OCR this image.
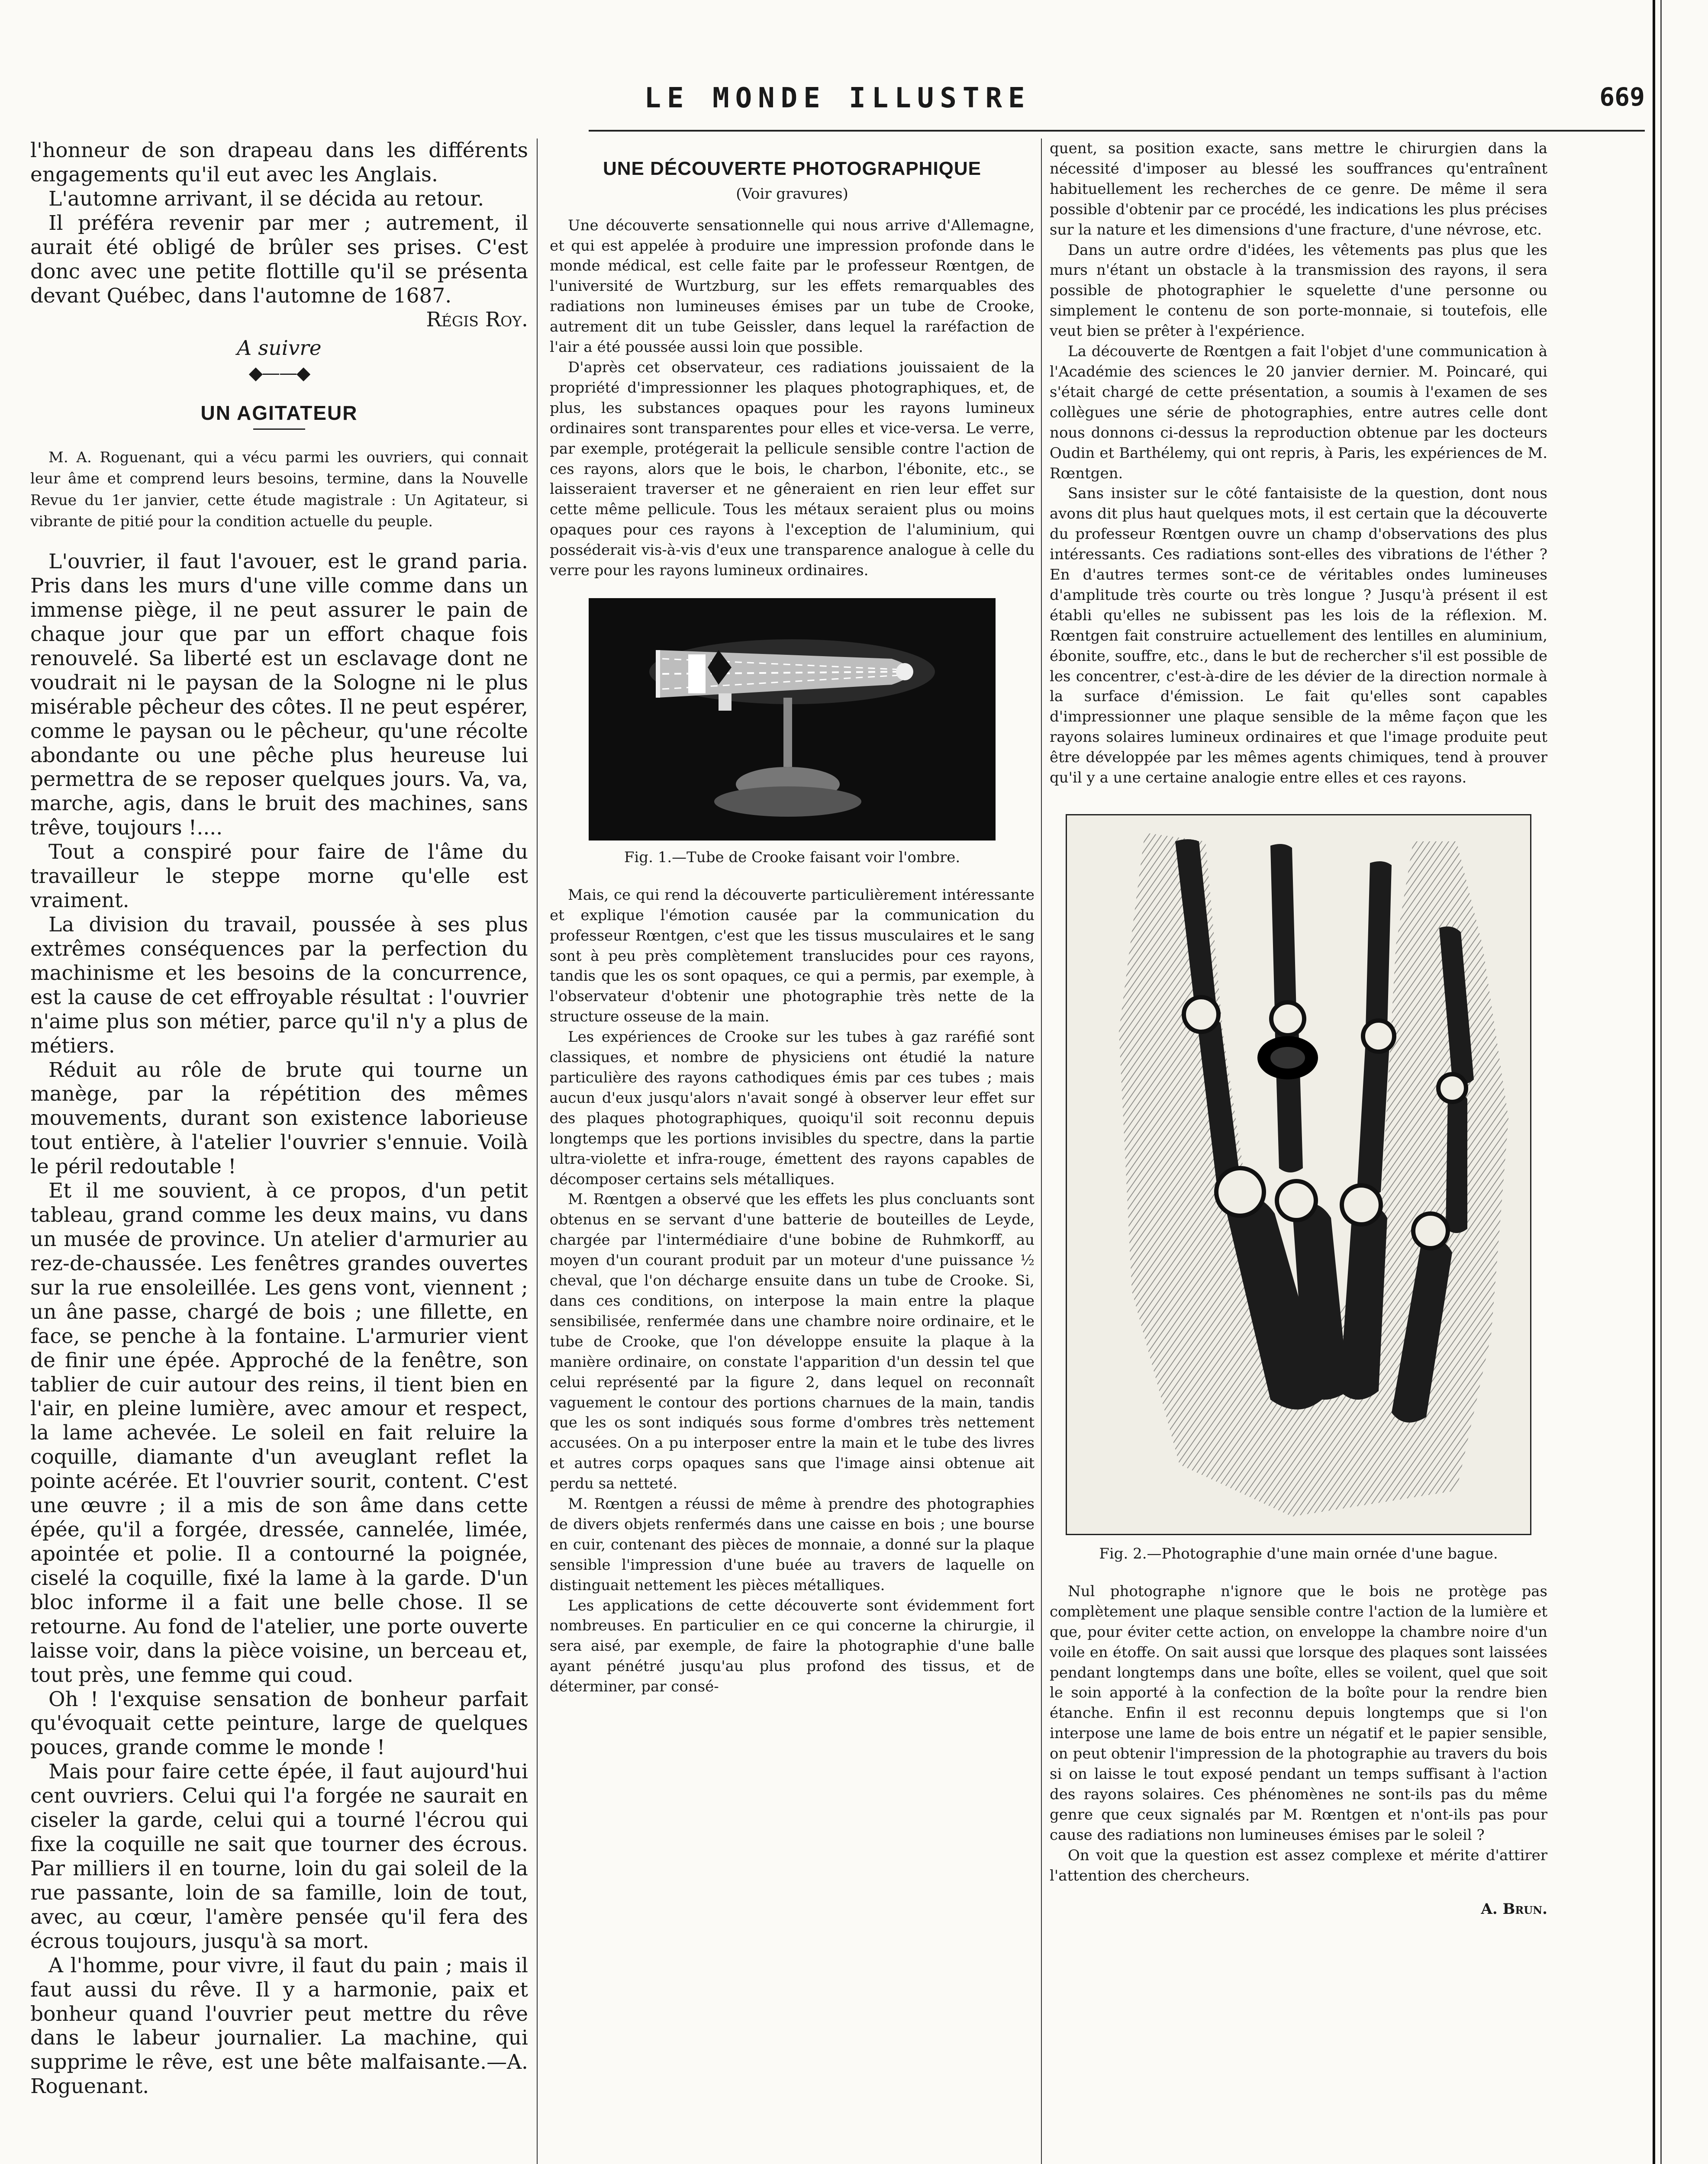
LE MONDE ILLUSTRE	669

l'honneur de son drapeau dans les différents engagements qu'il eut avec les Anglais.

L'automne arrivant, il se décida au retour.

Il préféra revenir par mer ; autrement, il aurait été obligé de brûler ses prises. C'est donc avec une petite flottille qu'il se présenta devant Québec, dans l'automne de 1687.

Régis Roy.

A suivre

◆——◆
UN AGITATEUR

M. A. Roguenant, qui a vécu parmi les ouvriers, qui connait leur âme et comprend leurs besoins, termine, dans la Nouvelle Revue du 1er janvier, cette étude magistrale : Un Agitateur, si vibrante de pitié pour la condition actuelle du peuple.

L'ouvrier, il faut l'avouer, est le grand paria. Pris dans les murs d'une ville comme dans un immense piège, il ne peut assurer le pain de chaque jour que par un effort chaque fois renouvelé. Sa liberté est un esclavage dont ne voudrait ni le paysan de la Sologne ni le plus misérable pêcheur des côtes. Il ne peut espérer, comme le paysan ou le pêcheur, qu'une récolte abondante ou une pêche plus heureuse lui permettra de se reposer quelques jours. Va, va, marche, agis, dans le bruit des machines, sans trêve, toujours !....

Tout a conspiré pour faire de l'âme du travailleur le steppe morne qu'elle est vraiment.

La division du travail, poussée à ses plus extrêmes conséquences par la perfection du machinisme et les besoins de la concurrence, est la cause de cet effroyable résultat : l'ouvrier n'aime plus son métier, parce qu'il n'y a plus de métiers.

Réduit au rôle de brute qui tourne un manège, par la répétition des mêmes mouvements, durant son existence laborieuse tout entière, à l'atelier l'ouvrier s'ennuie. Voilà le péril redoutable !

Et il me souvient, à ce propos, d'un petit tableau, grand comme les deux mains, vu dans un musée de province. Un atelier d'armurier au rez-de-chaussée. Les fenêtres grandes ouvertes sur la rue ensoleillée. Les gens vont, viennent ; un âne passe, chargé de bois ; une fillette, en face, se penche à la fontaine. L'armurier vient de finir une épée. Approché de la fenêtre, son tablier de cuir autour des reins, il tient bien en l'air, en pleine lumière, avec amour et respect, la lame achevée. Le soleil en fait reluire la coquille, diamante d'un aveuglant reflet la pointe acérée. Et l'ouvrier sourit, content. C'est une œuvre ; il a mis de son âme dans cette épée, qu'il a forgée, dressée, cannelée, limée, apointée et polie. Il a contourné la poignée, ciselé la coquille, fixé la lame à la garde. D'un bloc informe il a fait une belle chose. Il se retourne. Au fond de l'atelier, une porte ouverte laisse voir, dans la pièce voisine, un berceau et, tout près, une femme qui coud.

Oh ! l'exquise sensation de bonheur parfait qu'évoquait cette peinture, large de quelques pouces, grande comme le monde !

Mais pour faire cette épée, il faut aujourd'hui cent ouvriers. Celui qui l'a forgée ne saurait en ciseler la garde, celui qui a tourné l'écrou qui fixe la coquille ne sait que tourner des écrous. Par milliers il en tourne, loin du gai soleil de la rue passante, loin de sa famille, loin de tout, avec, au cœur, l'amère pensée qu'il fera des écrous toujours, jusqu'à sa mort.

A l'homme, pour vivre, il faut du pain ; mais il faut aussi du rêve. Il y a harmonie, paix et bonheur quand l'ouvrier peut mettre du rêve dans le labeur journalier. La machine, qui supprime le rêve, est une bête malfaisante.—A. Roguenant.

UNE DÉCOUVERTE PHOTOGRAPHIQUE
(Voir gravures)

Une découverte sensationnelle qui nous arrive d'Allemagne, et qui est appelée à produire une impression profonde dans le monde médical, est celle faite par le professeur Rœntgen, de l'université de Wurtzburg, sur les effets remarquables des radiations non lumineuses émises par un tube de Crooke, autrement dit un tube Geissler, dans lequel la raréfaction de l'air a été poussée aussi loin que possible.

D'après cet observateur, ces radiations jouissaient de la propriété d'impressionner les plaques photographiques, et, de plus, les substances opaques pour les rayons lumineux ordinaires sont transparentes pour elles et vice-versa. Le verre, par exemple, protégerait la pellicule sensible contre l'action de ces rayons, alors que le bois, le charbon, l'ébonite, etc., se laisseraient traverser et ne gêneraient en rien leur effet sur cette même pellicule. Tous les métaux seraient plus ou moins opaques pour ces rayons à l'exception de l'aluminium, qui posséderait vis-à-vis d'eux une transparence analogue à celle du verre pour les rayons lumineux ordinaires.

Fig. 1.—Tube de Crooke faisant voir l'ombre.

Mais, ce qui rend la découverte particulièrement intéressante et explique l'émotion causée par la communication du professeur Rœntgen, c'est que les tissus musculaires et le sang sont à peu près complètement translucides pour ces rayons, tandis que les os sont opaques, ce qui a permis, par exemple, à l'observateur d'obtenir une photographie très nette de la structure osseuse de la main.

Les expériences de Crooke sur les tubes à gaz raréfié sont classiques, et nombre de physiciens ont étudié la nature particulière des rayons cathodiques émis par ces tubes ; mais aucun d'eux jusqu'alors n'avait songé à observer leur effet sur des plaques photographiques, quoiqu'il soit reconnu depuis longtemps que les portions invisibles du spectre, dans la partie ultra-violette et infra-rouge, émettent des rayons capables de décomposer certains sels métalliques.

M. Rœntgen a observé que les effets les plus concluants sont obtenus en se servant d'une batterie de bouteilles de Leyde, chargée par l'intermédiaire d'une bobine de Ruhmkorff, au moyen d'un courant produit par un moteur d'une puissance ½ cheval, que l'on décharge ensuite dans un tube de Crooke. Si, dans ces conditions, on interpose la main entre la plaque sensibilisée, renfermée dans une chambre noire ordinaire, et le tube de Crooke, que l'on développe ensuite la plaque à la manière ordinaire, on constate l'apparition d'un dessin tel que celui représenté par la figure 2, dans lequel on reconnaît vaguement le contour des portions charnues de la main, tandis que les os sont indiqués sous forme d'ombres très nettement accusées. On a pu interposer entre la main et le tube des livres et autres corps opaques sans que l'image ainsi obtenue ait perdu sa netteté.

M. Rœntgen a réussi de même à prendre des photographies de divers objets renfermés dans une caisse en bois ; une bourse en cuir, contenant des pièces de monnaie, a donné sur la plaque sensible l'impression d'une buée au travers de laquelle on distinguait nettement les pièces métalliques.

Les applications de cette découverte sont évidemment fort nombreuses. En particulier en ce qui concerne la chirurgie, il sera aisé, par exemple, de faire la photographie d'une balle ayant pénétré jusqu'au plus profond des tissus, et de déterminer, par consé-

quent, sa position exacte, sans mettre le chirurgien dans la nécessité d'imposer au blessé les souffrances qu'entraînent habituellement les recherches de ce genre. De même il sera possible d'obtenir par ce procédé, les indications les plus précises sur la nature et les dimensions d'une fracture, d'une névrose, etc.

Dans un autre ordre d'idées, les vêtements pas plus que les murs n'étant un obstacle à la transmission des rayons, il sera possible de photographier le squelette d'une personne ou simplement le contenu de son porte-monnaie, si toutefois, elle veut bien se prêter à l'expérience.

La découverte de Rœntgen a fait l'objet d'une communication à l'Académie des sciences le 20 janvier dernier. M. Poincaré, qui s'était chargé de cette présentation, a soumis à l'examen de ses collègues une série de photographies, entre autres celle dont nous donnons ci-dessus la reproduction obtenue par les docteurs Oudin et Barthélemy, qui ont repris, à Paris, les expériences de M. Rœntgen.

Sans insister sur le côté fantaisiste de la question, dont nous avons dit plus haut quelques mots, il est certain que la découverte du professeur Rœntgen ouvre un champ d'observations des plus intéressants. Ces radiations sont-elles des vibrations de l'éther ? En d'autres termes sont-ce de véritables ondes lumineuses d'amplitude très courte ou très longue ? Jusqu'à présent il est établi qu'elles ne subissent pas les lois de la réflexion. M. Rœntgen fait construire actuellement des lentilles en aluminium, ébonite, souffre, etc., dans le but de rechercher s'il est possible de les concentrer, c'est-à-dire de les dévier de la direction normale à la surface d'émission. Le fait qu'elles sont capables d'impressionner une plaque sensible de la même façon que les rayons solaires lumineux ordinaires et que l'image produite peut être développée par les mêmes agents chimiques, tend à prouver qu'il y a une certaine analogie entre elles et ces rayons.

Fig. 2.—Photographie d'une main ornée d'une bague.

Nul photographe n'ignore que le bois ne protège pas complètement une plaque sensible contre l'action de la lumière et que, pour éviter cette action, on enveloppe la chambre noire d'un voile en étoffe. On sait aussi que lorsque des plaques sont laissées pendant longtemps dans une boîte, elles se voilent, quel que soit le soin apporté à la confection de la boîte pour la rendre bien étanche. Enfin il est reconnu depuis longtemps que si l'on interpose une lame de bois entre un négatif et le papier sensible, on peut obtenir l'impression de la photographie au travers du bois si on laisse le tout exposé pendant un temps suffisant à l'action des rayons solaires. Ces phénomènes ne sont-ils pas du même genre que ceux signalés par M. Rœntgen et n'ont-ils pas pour cause des radiations non lumineuses émises par le soleil ?

On voit que la question est assez complexe et mérite d'attirer l'attention des chercheurs.

A. Brun.
